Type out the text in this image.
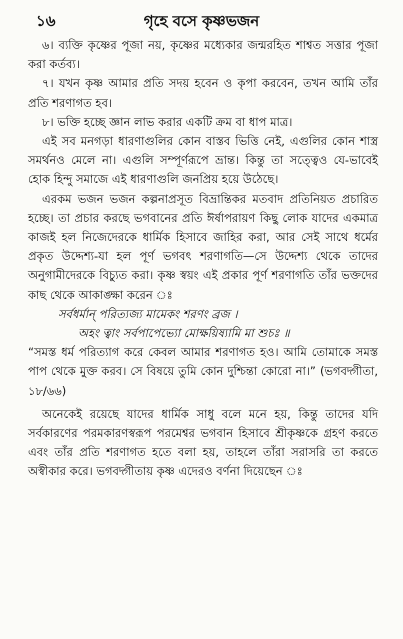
১৬	গৃহে বসে কৃষ্ণভজন

৬। ব্যক্তি কৃষ্ণের পূজা নয়, কৃষ্ণের মধ্যেকার জন্মরহিত শাশ্বত সত্তার পূজা করা কর্তব্য।

৭। যখন কৃষ্ণ আমার প্রতি সদয় হবেন ও কৃপা করবেন, তখন আমি তাঁর প্রতি শরণাগত হব।

৮। ভক্তি হচ্ছে জ্ঞান লাভ করার একটি ক্রম বা ধাপ মাত্র।

এই সব মনগড়া ধারণাগুলির কোন বাস্তব ভিত্তি নেই, এগুলির কোন শাস্ত্র সমর্থনও মেলে না। এগুলি সম্পূর্ণরূপে ভ্রান্ত। কিন্তু তা সত্ত্বেও যে-ভাবেই হোক হিন্দু সমাজে এই ধারণাগুলি জনপ্রিয় হয়ে উঠেছে।

এরকম ভজন ভজন কল্পনাপ্রসূত বিভ্রান্তিকর মতবাদ প্রতিনিয়ত প্রচারিত হচ্ছে। তা প্রচার করছে ভগবানের প্রতি ঈর্ষাপরায়ণ কিছু লোক যাদের একমাত্র কাজই হল নিজেদেরকে ধার্মিক হিসাবে জাহির করা, আর সেই সাথে ধর্মের প্রকৃত উদ্দেশ্য-যা হল পূর্ণ ভগবৎ শরণাগতি—সে উদ্দেশ্য থেকে তাদের অনুগামীদেরকে বিচ্যুত করা। কৃষ্ণ স্বয়ং এই প্রকার পূর্ণ শরণাগতি তাঁর ভক্তদের কাছ থেকে আকাঙ্ক্ষা করেন ঃ

সর্বধর্মান্ পরিত্যজ্য মামেকং শরণং ব্রজ ।
অহং ত্বাং সর্বপাপেভ্যো মোক্ষয়িষ্যামি মা শুচঃ ॥

“সমস্ত ধর্ম পরিত্যাগ করে কেবল আমার শরণাগত হও। আমি তোমাকে সমস্ত পাপ থেকে মুক্ত করব। সে বিষয়ে তুমি কোন দুশ্চিন্তা কোরো না।” (ভগবদ্গীতা, ১৮/৬৬)

অনেকেই রয়েছে যাদের ধার্মিক সাধু বলে মনে হয়, কিন্তু তাদের যদি সর্বকারণের পরমকারণস্বরূপ পরমেশ্বর ভগবান হিসাবে শ্রীকৃষ্ণকে গ্রহণ করতে এবং তাঁর প্রতি শরণাগত হতে বলা হয়, তাহলে তাঁরা সরাসরি তা করতে অস্বীকার করে। ভগবদ্গীতায় কৃষ্ণ এদেরও বর্ণনা দিয়েছেন ঃ
